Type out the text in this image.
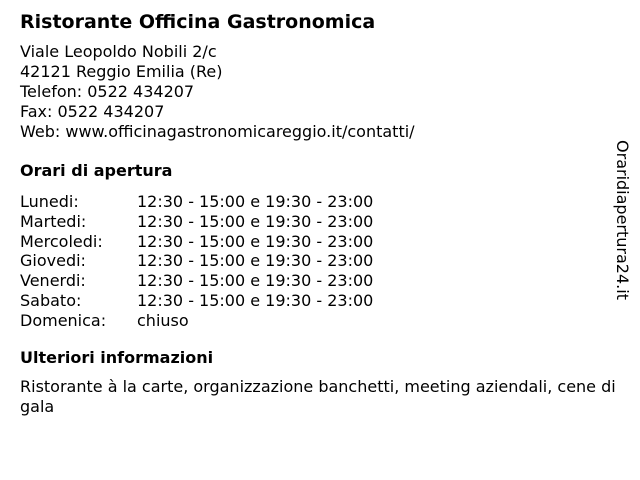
Ristorante Officina Gastronomica
Viale Leopoldo Nobili 2/c
42121 Reggio Emilia (Re)
Telefon: 0522 434207
Fax: 0522 434207
Web: www.officinagastronomicareggio.it/contatti/
Orari di apertura
Lunedi:	12:30 - 15:00 e 19:30 - 23:00
Martedi:	12:30 - 15:00 e 19:30 - 23:00
Mercoledi:	12:30 - 15:00 e 19:30 - 23:00
Giovedi:	12:30 - 15:00 e 19:30 - 23:00
Venerdi:	12:30 - 15:00 e 19:30 - 23:00
Sabato:	12:30 - 15:00 e 19:30 - 23:00
Domenica:	chiuso
Ulteriori informazioni
Ristorante à la carte, organizzazione banchetti, meeting aziendali, cene di gala
Oraridiapertura24.it
